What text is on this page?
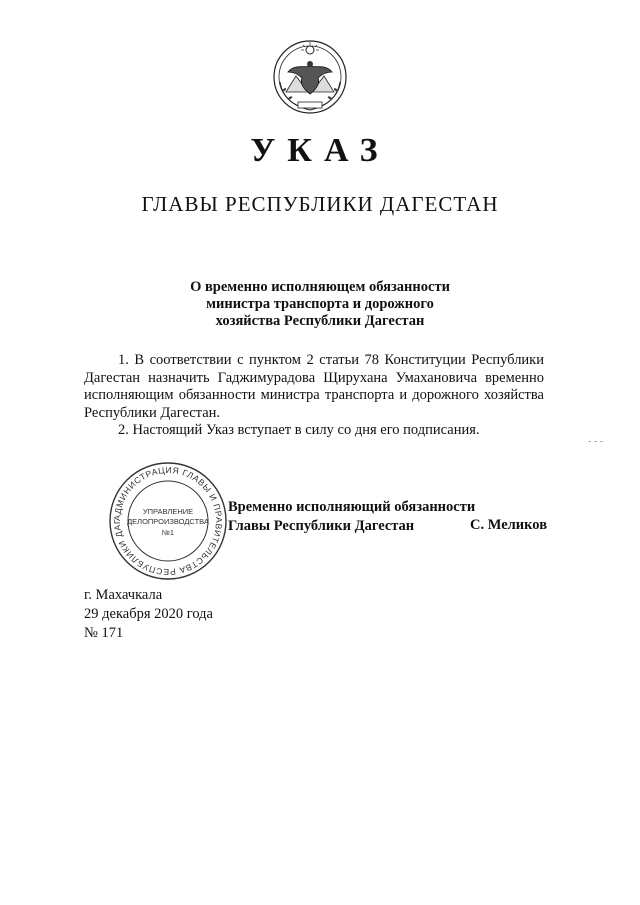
УКАЗ
ГЛАВЫ РЕСПУБЛИКИ ДАГЕСТАН
О временно исполняющем обязанности
министра транспорта и дорожного
хозяйства Республики Дагестан

1. В соответствии с пунктом 2 статьи 78 Конституции Республики Дагестан назначить Гаджимурадова Щирухана Умахановича временно исполняющим обязанности министра транспорта и дорожного хозяйства Республики Дагестан.

2. Настоящий Указ вступает в силу со дня его подписания.

- - -
АДМИНИСТРАЦИЯ ГЛАВЫ И ПРАВИТЕЛЬСТВА РЕСПУБЛИКИ ДАГ
УПРАВЛЕНИЕ
ДЕЛОПРОИЗВОДСТВА
№1
Временно исполняющий обязанности
Главы Республики Дагестан	С. Меликов
г. Махачкала
29 декабря 2020 года
№ 171
